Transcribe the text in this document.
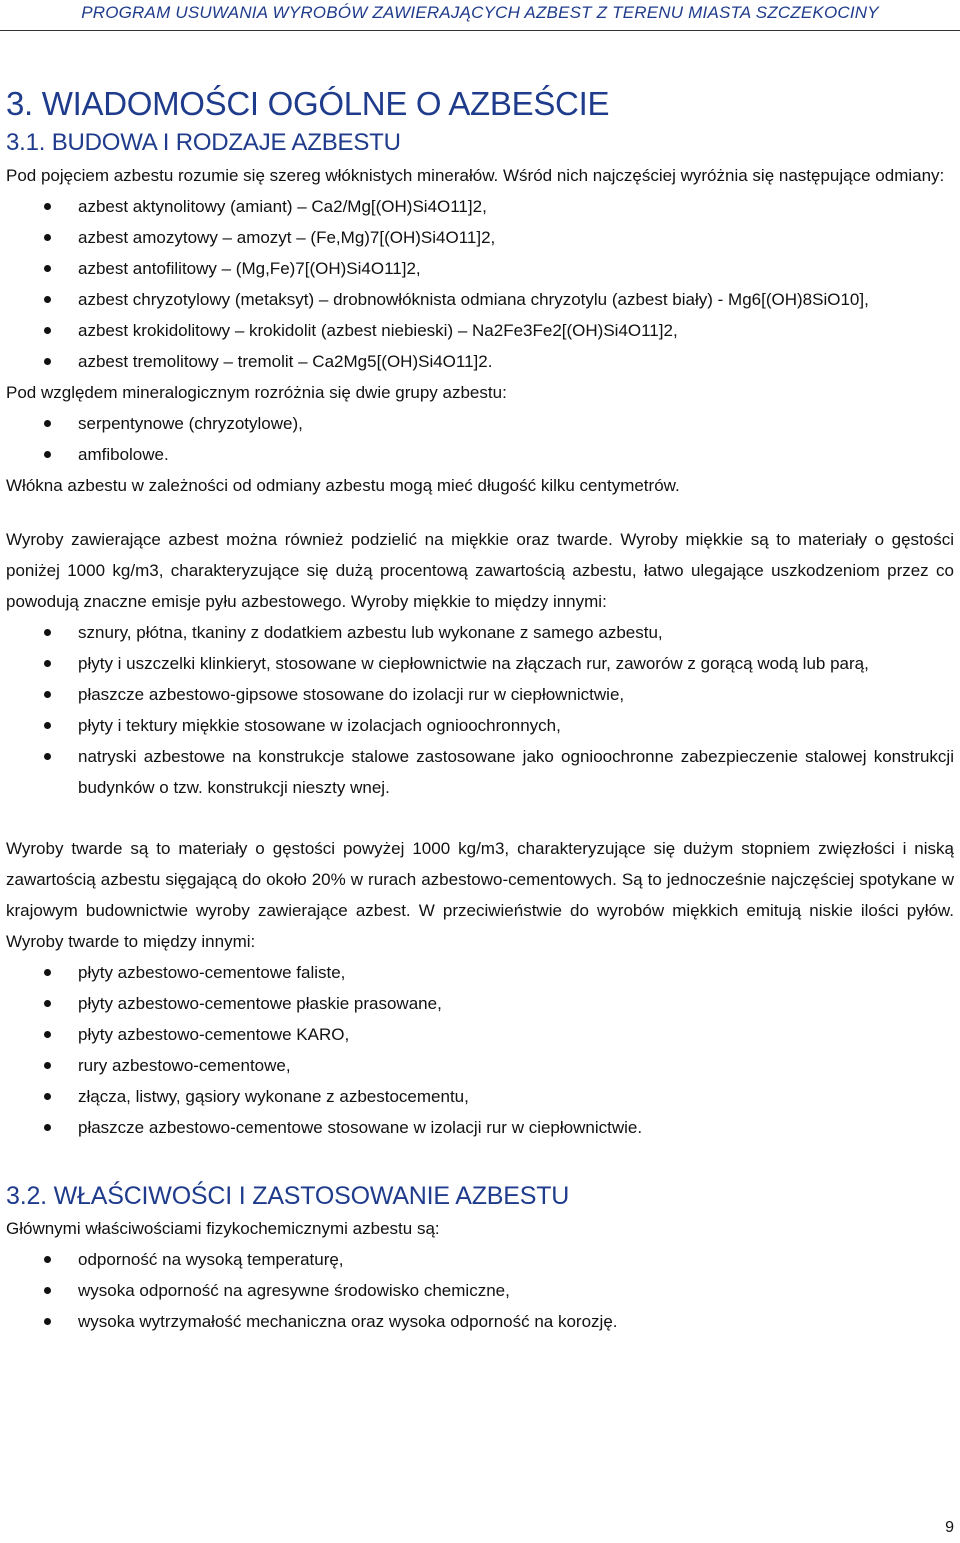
PROGRAM USUWANIA WYROBÓW ZAWIERAJĄCYCH AZBEST Z TERENU MIASTA SZCZEKOCINY
3. WIADOMOŚCI OGÓLNE O AZBEŚCIE
3.1. BUDOWA I RODZAJE AZBESTU

Pod pojęciem azbestu rozumie się szereg włóknistych minerałów. Wśród nich najczęściej wyróżnia się następujące odmiany:

azbest aktynolitowy (amiant) – Ca2/Mg[(OH)Si4O11]2,
azbest amozytowy – amozyt – (Fe,Mg)7[(OH)Si4O11]2,
azbest antofilitowy – (Mg,Fe)7[(OH)Si4O11]2,
azbest chryzotylowy (metaksyt) – drobnowłóknista odmiana chryzotylu (azbest biały) - Mg6[(OH)8SiO10],
azbest krokidolitowy – krokidolit (azbest niebieski) – Na2Fe3Fe2[(OH)Si4O11]2,
azbest tremolitowy – tremolit – Ca2Mg5[(OH)Si4O11]2.

Pod względem mineralogicznym rozróżnia się dwie grupy azbestu:

serpentynowe (chryzotylowe),
amfibolowe.

Włókna azbestu w zależności od odmiany azbestu mogą mieć długość kilku centymetrów.

Wyroby zawierające azbest można również podzielić na miękkie oraz twarde. Wyroby miękkie są to materiały o gęstości poniżej 1000 kg/m3, charakteryzujące się dużą procentową zawartością azbestu, łatwo ulegające uszkodzeniom przez co powodują znaczne emisje pyłu azbestowego. Wyroby miękkie to między innymi:

sznury, płótna, tkaniny z dodatkiem azbestu lub wykonane z samego azbestu,
płyty i uszczelki klinkieryt, stosowane w ciepłownictwie na złączach rur, zaworów z gorącą wodą lub parą,
płaszcze azbestowo-gipsowe stosowane do izolacji rur w ciepłownictwie,
płyty i tektury miękkie stosowane w izolacjach ognioochronnych,
natryski azbestowe na konstrukcje stalowe zastosowane jako ognioochronne zabezpieczenie stalowej konstrukcji budynków o tzw. konstrukcji nieszty wnej.

Wyroby twarde są to materiały o gęstości powyżej 1000 kg/m3, charakteryzujące się dużym stopniem zwięzłości i niską zawartością azbestu sięgającą do około 20% w rurach azbestowo-cementowych. Są to jednocześnie najczęściej spotykane w krajowym budownictwie wyroby zawierające azbest. W przeciwieństwie do wyrobów miękkich emitują niskie ilości pyłów. Wyroby twarde to między innymi:

płyty azbestowo-cementowe faliste,
płyty azbestowo-cementowe płaskie prasowane,
płyty azbestowo-cementowe KARO,
rury azbestowo-cementowe,
złącza, listwy, gąsiory wykonane z azbestocementu,
płaszcze azbestowo-cementowe stosowane w izolacji rur w ciepłownictwie.
3.2. WŁAŚCIWOŚCI I ZASTOSOWANIE AZBESTU

Głównymi właściwościami fizykochemicznymi azbestu są:

odporność na wysoką temperaturę,
wysoka odporność na agresywne środowisko chemiczne,
wysoka wytrzymałość mechaniczna oraz wysoka odporność na korozję.
9
